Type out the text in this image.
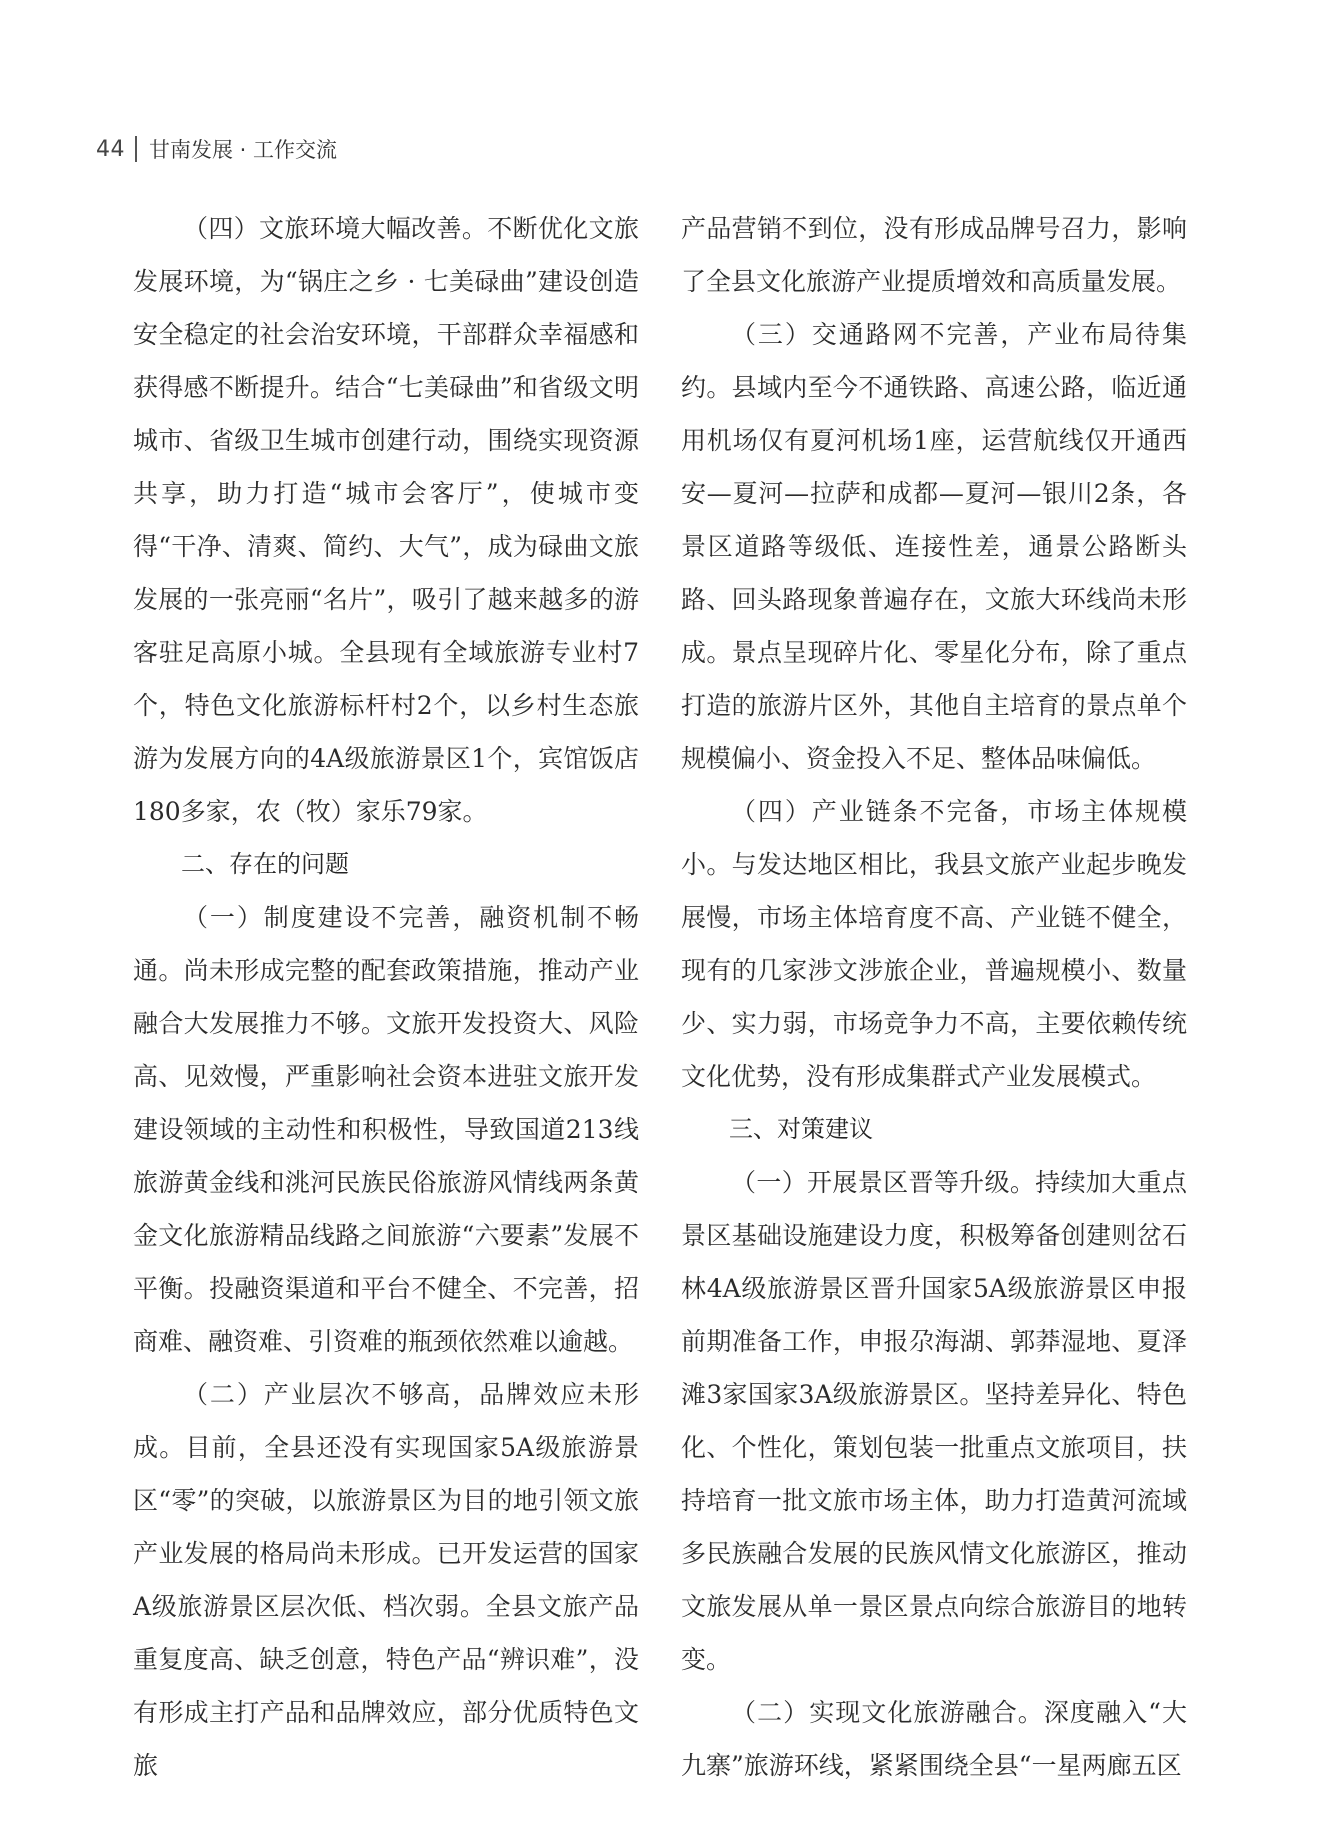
44 甘南发展 · 工作交流

（四）文旅环境大幅改善。不断优化文旅发展环境，为“锅庄之乡 · 七美碌曲”建设创造安全稳定的社会治安环境，干部群众幸福感和获得感不断提升。结合“七美碌曲”和省级文明城市、省级卫生城市创建行动，围绕实现资源共享，助力打造“城市会客厅”，使城市变得“干净、清爽、简约、大气”，成为碌曲文旅发展的一张亮丽“名片”，吸引了越来越多的游客驻足高原小城。全县现有全域旅游专业村7个，特色文化旅游标杆村2个，以乡村生态旅游为发展方向的4A级旅游景区1个，宾馆饭店180多家，农（牧）家乐79家。

二、存在的问题

（一）制度建设不完善，融资机制不畅通。尚未形成完整的配套政策措施，推动产业融合大发展推力不够。文旅开发投资大、风险高、见效慢，严重影响社会资本进驻文旅开发建设领域的主动性和积极性，导致国道213线旅游黄金线和洮河民族民俗旅游风情线两条黄金文化旅游精品线路之间旅游“六要素”发展不平衡。投融资渠道和平台不健全、不完善，招商难、融资难、引资难的瓶颈依然难以逾越。

（二）产业层次不够高，品牌效应未形成。目前，全县还没有实现国家5A级旅游景区“零”的突破，以旅游景区为目的地引领文旅产业发展的格局尚未形成。已开发运营的国家A级旅游景区层次低、档次弱。全县文旅产品重复度高、缺乏创意，特色产品“辨识难”，没有形成主打产品和品牌效应，部分优质特色文旅

产品营销不到位，没有形成品牌号召力，影响了全县文化旅游产业提质增效和高质量发展。

（三）交通路网不完善，产业布局待集约。县域内至今不通铁路、高速公路，临近通用机场仅有夏河机场1座，运营航线仅开通西安—夏河—拉萨和成都—夏河—银川2条，各景区道路等级低、连接性差，通景公路断头路、回头路现象普遍存在，文旅大环线尚未形成。景点呈现碎片化、零星化分布，除了重点打造的旅游片区外，其他自主培育的景点单个规模偏小、资金投入不足、整体品味偏低。

（四）产业链条不完备，市场主体规模小。与发达地区相比，我县文旅产业起步晚发展慢，市场主体培育度不高、产业链不健全，现有的几家涉文涉旅企业，普遍规模小、数量少、实力弱，市场竞争力不高，主要依赖传统文化优势，没有形成集群式产业发展模式。

三、对策建议

（一）开展景区晋等升级。持续加大重点景区基础设施建设力度，积极筹备创建则岔石林4A级旅游景区晋升国家5A级旅游景区申报前期准备工作，申报尕海湖、郭莽湿地、夏泽滩3家国家3A级旅游景区。坚持差异化、特色化、个性化，策划包装一批重点文旅项目，扶持培育一批文旅市场主体，助力打造黄河流域多民族融合发展的民族风情文化旅游区，推动文旅发展从单一景区景点向综合旅游目的地转变。

（二）实现文化旅游融合。深度融入“大九寨”旅游环线，紧紧围绕全县“一星两廊五区
